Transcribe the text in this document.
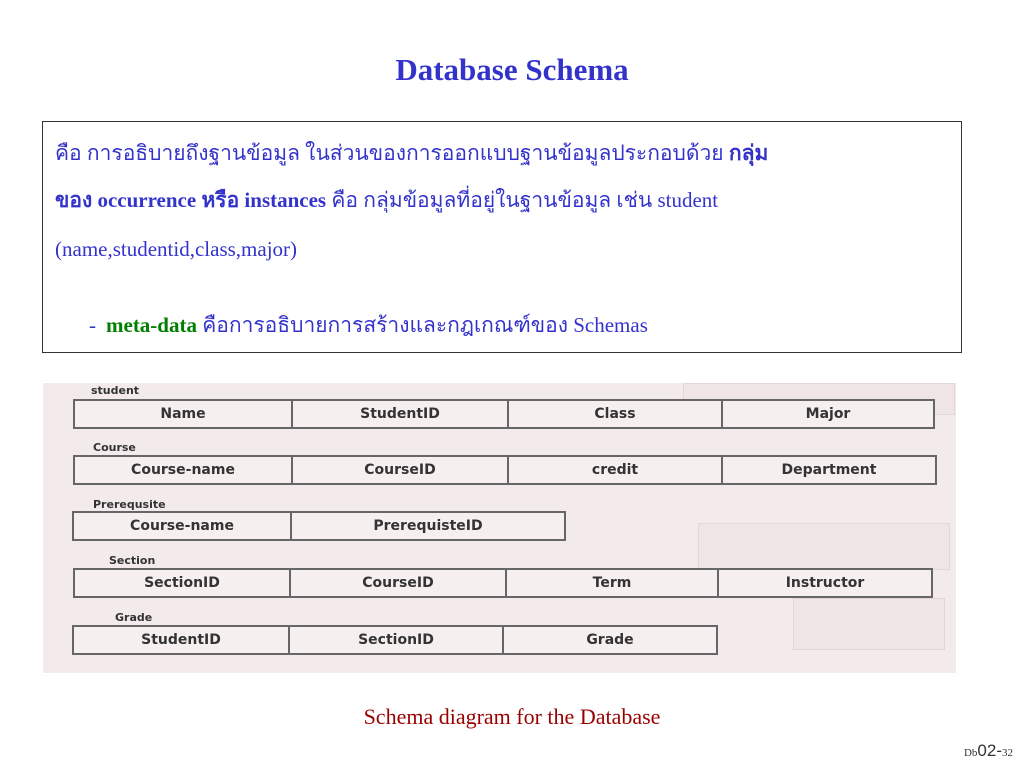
Database Schema
คือ การอธิบายถึงฐานข้อมูล ในส่วนของการออกแบบฐานข้อมูลประกอบด้วย กลุ่ม
ของ occurrence หรือ instances คือ กลุ่มข้อมูลที่อยู่ในฐานข้อมูล เช่น student
(name,studentid,class,major)
- meta-data คือการอธิบายการสร้างและกฎเกณฑ์ของ Schemas
student
Name	StudentID	Class	Major
Course
Course-name	CourseID	credit	Department
Prerequsite
Course-name	PrerequisteID
Section
SectionID	CourseID	Term	Instructor
Grade
StudentID	SectionID	Grade
Schema diagram for the Database
Db02-32
